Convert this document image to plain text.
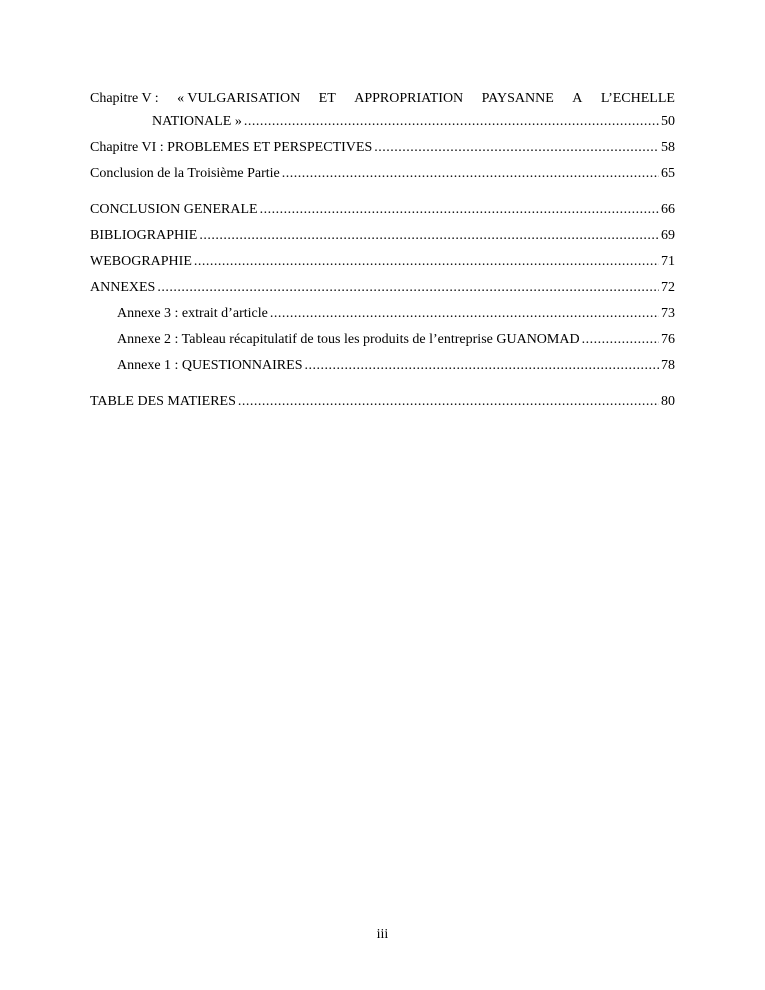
Chapitre V : « VULGARISATION ET APPROPRIATION PAYSANNE A L’ECHELLE
NATIONALE » .....	50
Chapitre VI : PROBLEMES ET PERSPECTIVES .....	58
Conclusion de la Troisième Partie .....	65
CONCLUSION GENERALE .....	66
BIBLIOGRAPHIE .....	69
WEBOGRAPHIE .....	71
ANNEXES .....	72
Annexe 3 : extrait d’article .....	73
Annexe 2 : Tableau récapitulatif de tous les produits de l’entreprise GUANOMAD .....	76
Annexe 1 : QUESTIONNAIRES .....	78
TABLE DES MATIERES .....	80
iii
